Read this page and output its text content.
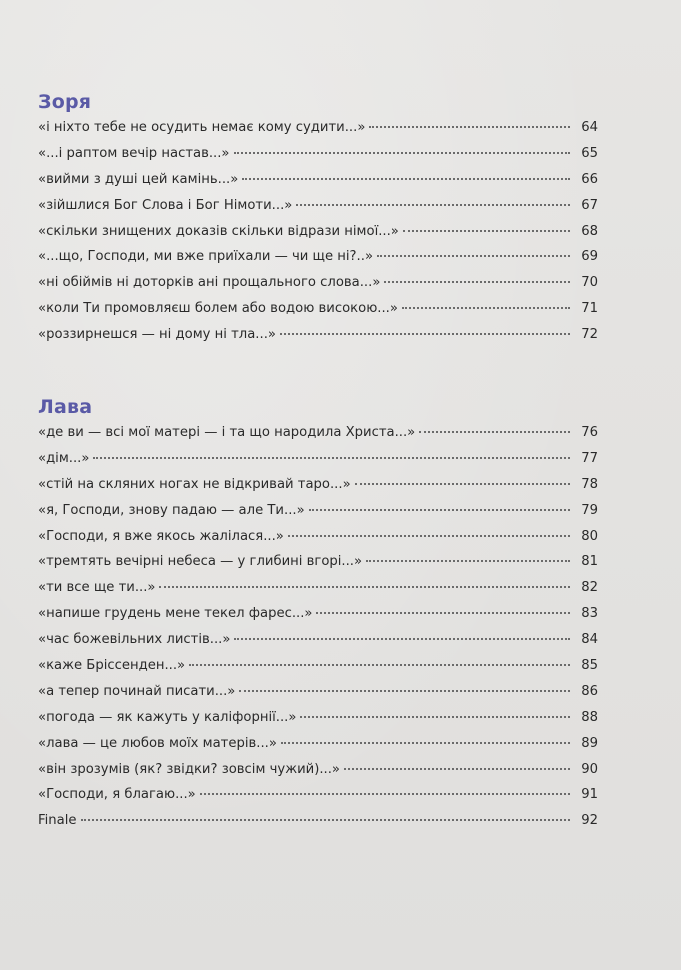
Зоря
«і ніхто тебе не осудить немає кому судити...»	64
«...і раптом вечір настав...»	65
«вийми з душі цей камінь...»	66
«зійшлися Бог Слова і Бог Німоти...»	67
«скільки знищених доказів скільки відрази німої...»	68
«...що, Господи, ми вже приїхали — чи ще ні?..»	69
«ні обіймів ні доторків ані прощального слова...»	70
«коли Ти промовляєш болем або водою високою...»	71
«роззирнешся — ні дому ні тла...»	72
Лава
«де ви — всі мої матері — і та що народила Христа...»	76
«дім...»	77
«стій на скляних ногах не відкривай таро...»	78
«я, Господи, знову падаю — але Ти...»	79
«Господи, я вже якось жалілася...»	80
«тремтять вечірні небеса — у глибині вгорі...»	81
«ти все ще ти...»	82
«напише грудень мене текел фарес...»	83
«час божевільних листів...»	84
«каже Бріссенден...»	85
«а тепер починай писати...»	86
«погода — як кажуть у каліфорнії...»	88
«лава — це любов моїх матерів...»	89
«він зрозумів (як? звідки? зовсім чужий)...»	90
«Господи, я благаю...»	91
Finale	92
